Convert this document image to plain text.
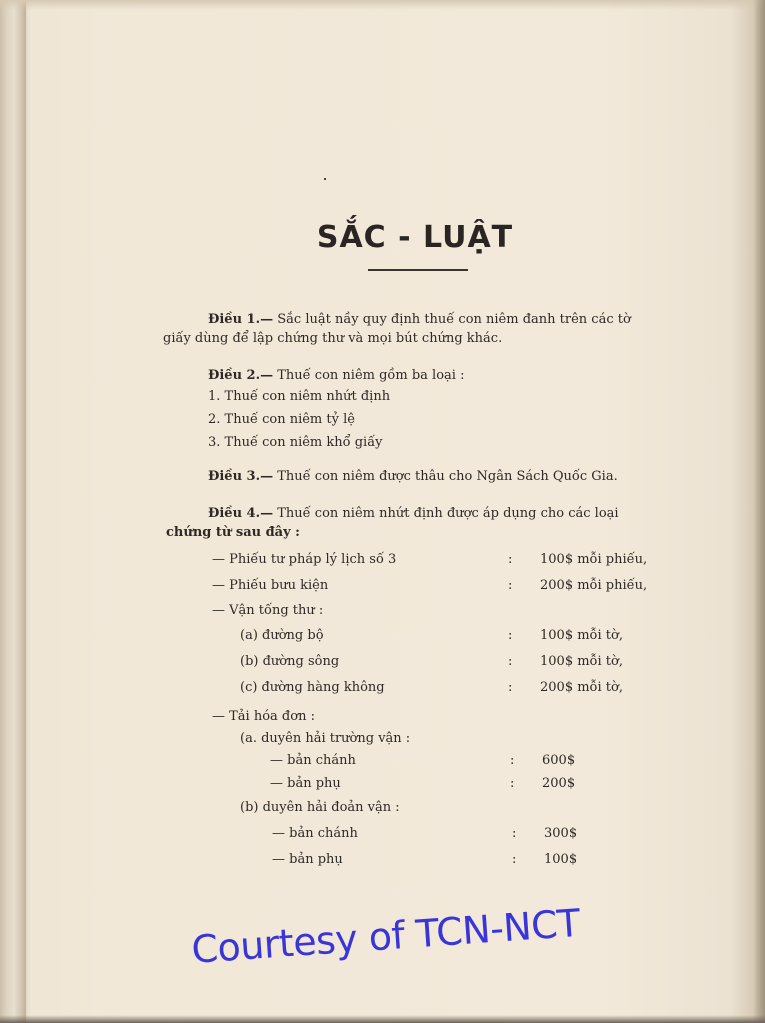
SẮC - LUẬT
Điều 1.— Sắc luật nầy quy định thuế con niêm đanh trên các tờ
giấy dùng để lập chứng thư và mọi bút chứng khác.
Điều 2.— Thuế con niêm gồm ba loại :
1. Thuế con niêm nhứt định
2. Thuế con niêm tỷ lệ
3. Thuế con niêm khổ giấy
Điều 3.— Thuế con niêm được thâu cho Ngân Sách Quốc Gia.
Điều 4.— Thuế con niêm nhứt định được áp dụng cho các loại
chứng từ sau đây :
— Phiếu tư pháp lý lịch số 3	: 100$ mỗi phiếu,
— Phiếu bưu kiện	: 200$ mỗi phiếu,
— Vận tống thư :
(a) đường bộ	: 100$ mỗi tờ,
(b) đường sông	: 100$ mỗi tờ,
(c) đường hàng không	: 200$ mỗi tờ,
— Tải hóa đơn :
(a. duyên hải trường vận :
— bản chánh	: 600$
— bản phụ	: 200$
(b) duyên hải đoản vận :
— bản chánh	: 300$
— bản phụ	: 100$
Courtesy of TCN-NCT
